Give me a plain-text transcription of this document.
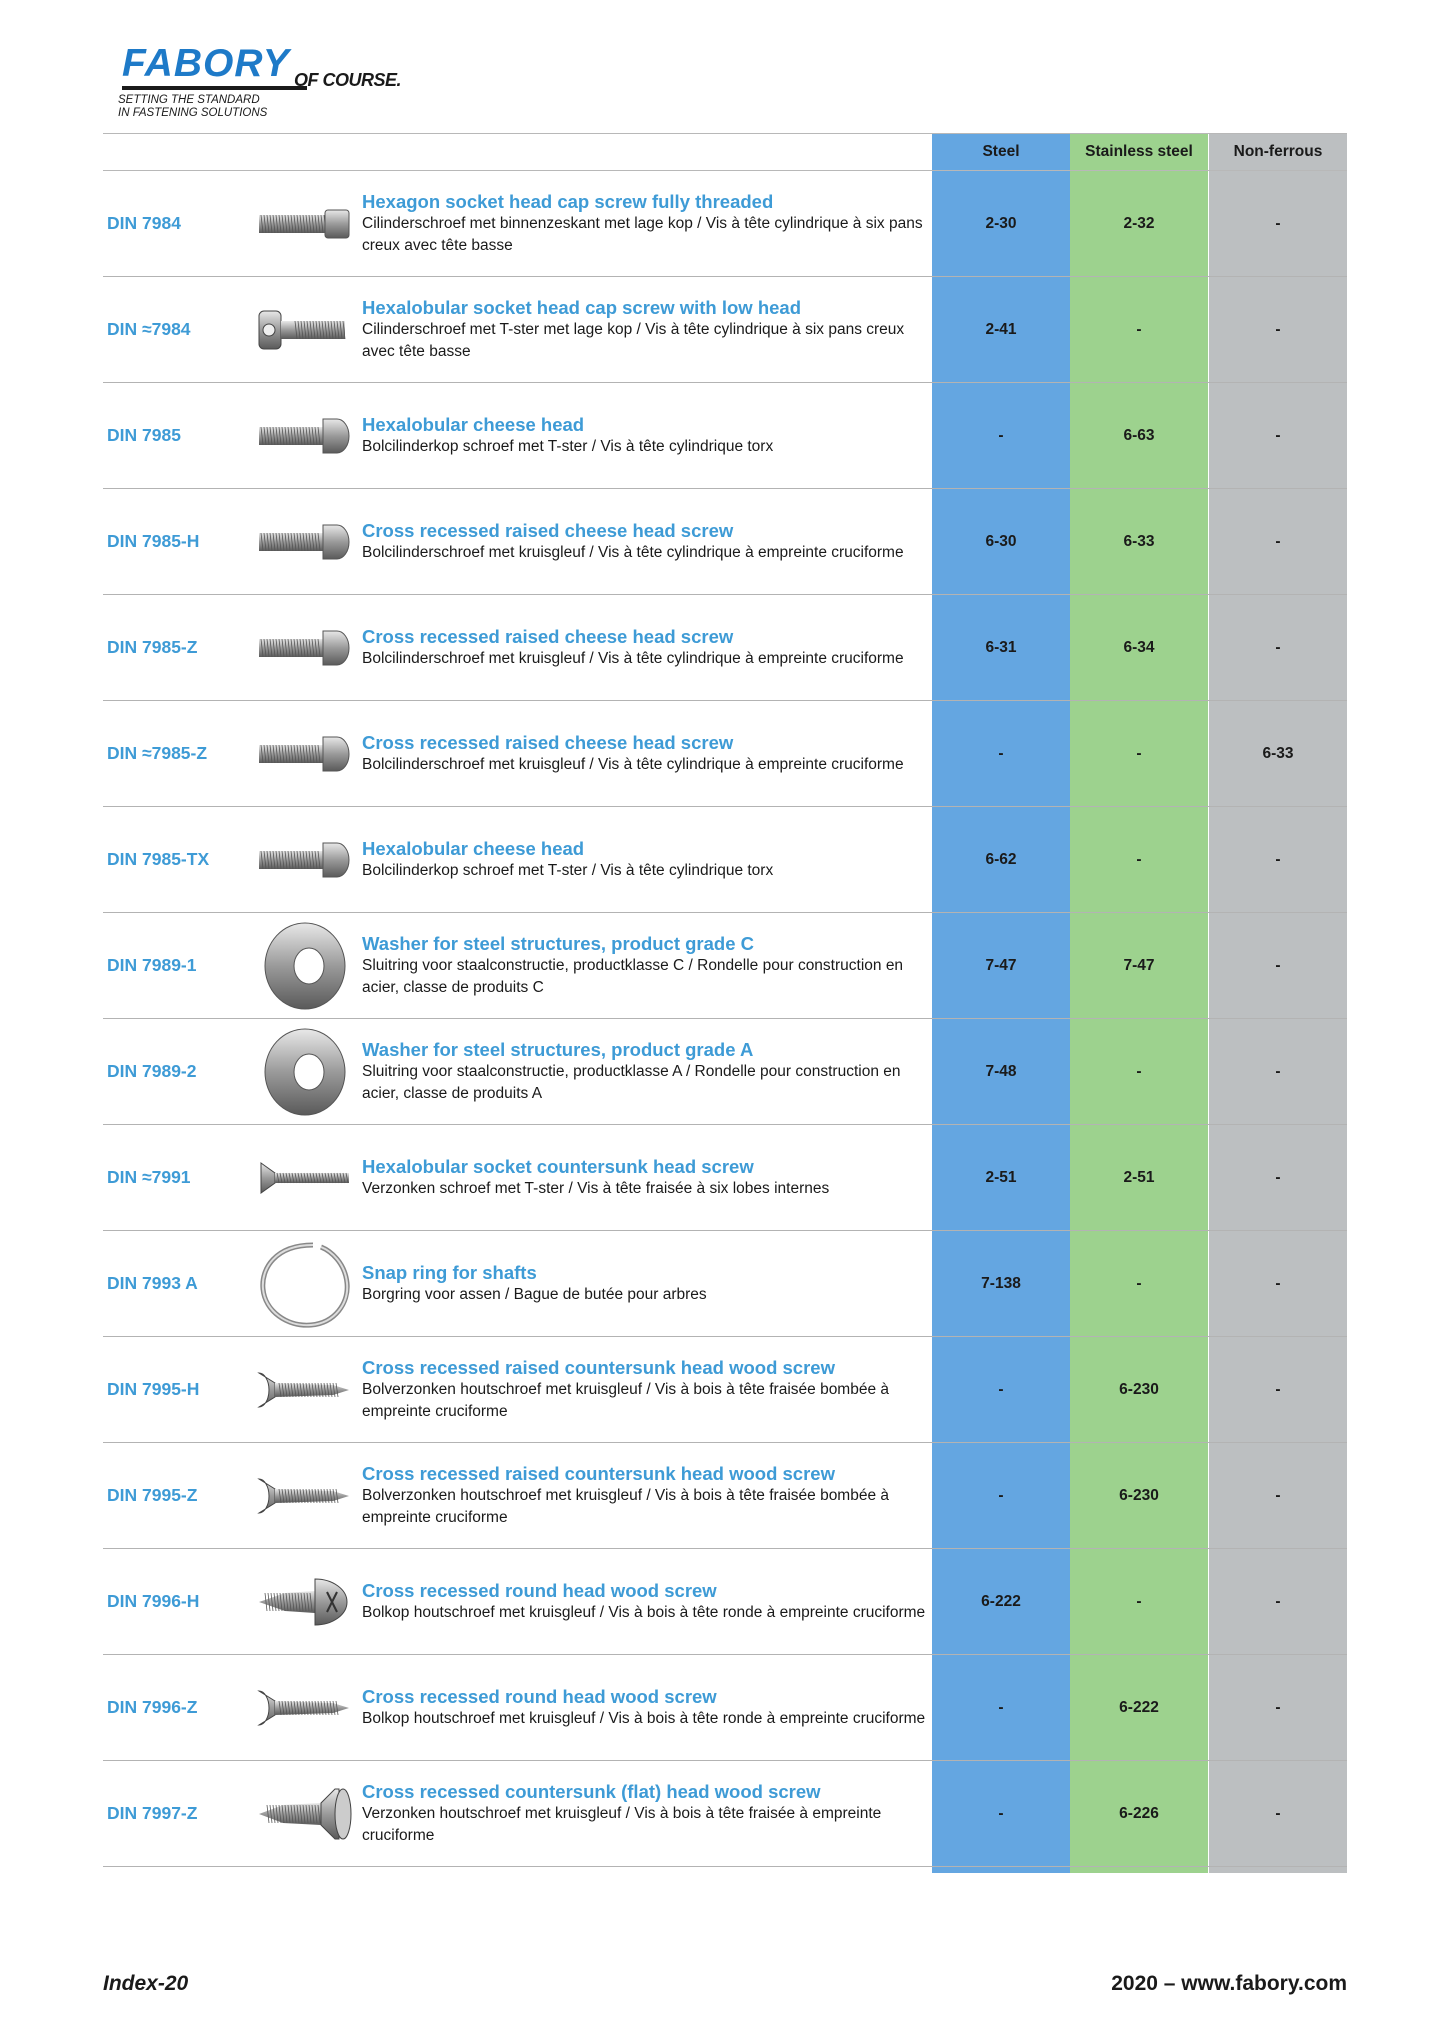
FABORY OF COURSE.
SETTING THE STANDARD
IN FASTENING SOLUTIONS
Steel	Stainless steel	Non-ferrous
DIN 7984
Hexagon socket head cap screw fully threaded
Cilinderschroef met binnenzeskant met lage kop / Vis à tête cylindrique à six pans creux avec tête basse
2-30	2-32	-
DIN ≈7984
Hexalobular socket head cap screw with low head
Cilinderschroef met T-ster met lage kop / Vis à tête cylindrique à six pans creux avec tête basse
2-41	-	-
DIN 7985
Hexalobular cheese head
Bolcilinderkop schroef met T-ster / Vis à tête cylindrique torx
-	6-63	-
DIN 7985-H
Cross recessed raised cheese head screw
Bolcilinderschroef met kruisgleuf / Vis à tête cylindrique à empreinte cruciforme
6-30	6-33	-
DIN 7985-Z
Cross recessed raised cheese head screw
Bolcilinderschroef met kruisgleuf / Vis à tête cylindrique à empreinte cruciforme
6-31	6-34	-
DIN ≈7985-Z
Cross recessed raised cheese head screw
Bolcilinderschroef met kruisgleuf / Vis à tête cylindrique à empreinte cruciforme
-	-	6-33
DIN 7985-TX
Hexalobular cheese head
Bolcilinderkop schroef met T-ster / Vis à tête cylindrique torx
6-62	-	-
DIN 7989-1
Washer for steel structures, product grade C
Sluitring voor staalconstructie, productklasse C / Rondelle pour construction en acier, classe de produits C
7-47	7-47	-
DIN 7989-2
Washer for steel structures, product grade A
Sluitring voor staalconstructie, productklasse A / Rondelle pour construction en acier, classe de produits A
7-48	-	-
DIN ≈7991
Hexalobular socket countersunk head screw
Verzonken schroef met T-ster / Vis à tête fraisée à six lobes internes
2-51	2-51	-
DIN 7993 A
Snap ring for shafts
Borgring voor assen / Bague de butée pour arbres
7-138	-	-
DIN 7995-H
Cross recessed raised countersunk head wood screw
Bolverzonken houtschroef met kruisgleuf / Vis à bois à tête fraisée bombée à empreinte cruciforme
-	6-230	-
DIN 7995-Z
Cross recessed raised countersunk head wood screw
Bolverzonken houtschroef met kruisgleuf / Vis à bois à tête fraisée bombée à empreinte cruciforme
-	6-230	-
DIN 7996-H
Cross recessed round head wood screw
Bolkop houtschroef met kruisgleuf / Vis à bois à tête ronde à empreinte cruciforme
6-222	-	-
DIN 7996-Z
Cross recessed round head wood screw
Bolkop houtschroef met kruisgleuf / Vis à bois à tête ronde à empreinte cruciforme
-	6-222	-
DIN 7997-Z
Cross recessed countersunk (flat) head wood screw
Verzonken houtschroef met kruisgleuf / Vis à bois à tête fraisée à empreinte cruciforme
-	6-226	-
Index-20	2020 – www.fabory.com
